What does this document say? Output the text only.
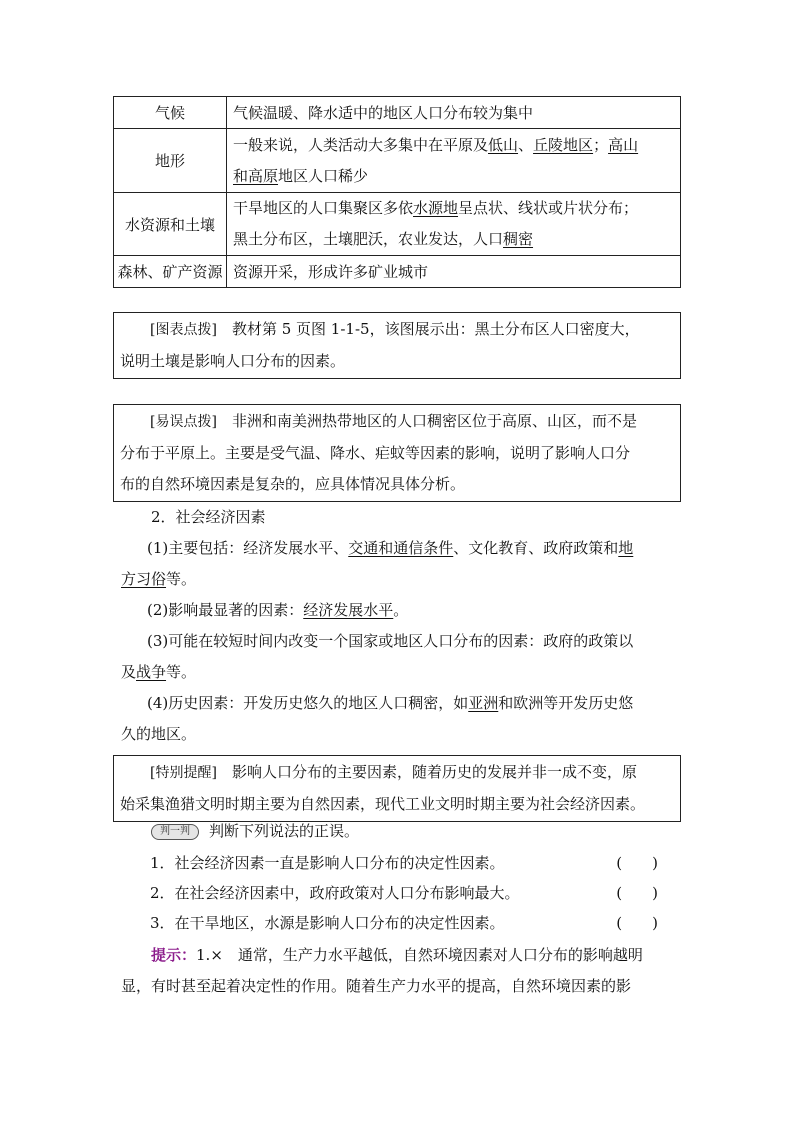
气候	气候温暖、降水适中的地区人口分布较为集中
地形	一般来说，人类活动大多集中在平原及低山、丘陵地区；高山
和高原地区人口稀少
水资源和土壤	干旱地区的人口集聚区多依水源地呈点状、线状或片状分布；
黑土分布区，土壤肥沃，农业发达，人口稠密
森林、矿产资源	资源开采，形成许多矿业城市

[图表点拨]　 教材第 5 页图 1-1-5，该图展示出：黑土分布区人口密度大，

说明土壤是影响人口分布的因素。

[易误点拨]　 非洲和南美洲热带地区的人口稠密区位于高原、山区，而不是

分布于平原上。主要是受气温、降水、疟蚊等因素的影响，说明了影响人口分

布的自然环境因素是复杂的，应具体情况具体分析。

2．社会经济因素

(1)主要包括：经济发展水平、交通和通信条件、文化教育、政府政策和地

方习俗等。

(2)影响最显著的因素：经济发展水平。

(3)可能在较短时间内改变一个国家或地区人口分布的因素：政府的政策以

及战争等。

(4)历史因素：开发历史悠久的地区人口稠密，如亚洲和欧洲等开发历史悠

久的地区。

[特别提醒]　 影响人口分布的主要因素，随着历史的发展并非一成不变，原

始采集渔猎文明时期主要为自然因素，现代工业文明时期主要为社会经济因素。

判一判 判断下列说法的正误。

1．社会经济因素一直是影响人口分布的决定性因素。	(　　)
2．在社会经济因素中，政府政策对人口分布影响最大。	(　　)
3．在干旱地区，水源是影响人口分布的决定性因素。	(　　)

提示：1.×　通常，生产力水平越低，自然环境因素对人口分布的影响越明

显，有时甚至起着决定性的作用。随着生产力水平的提高，自然环境因素的影
